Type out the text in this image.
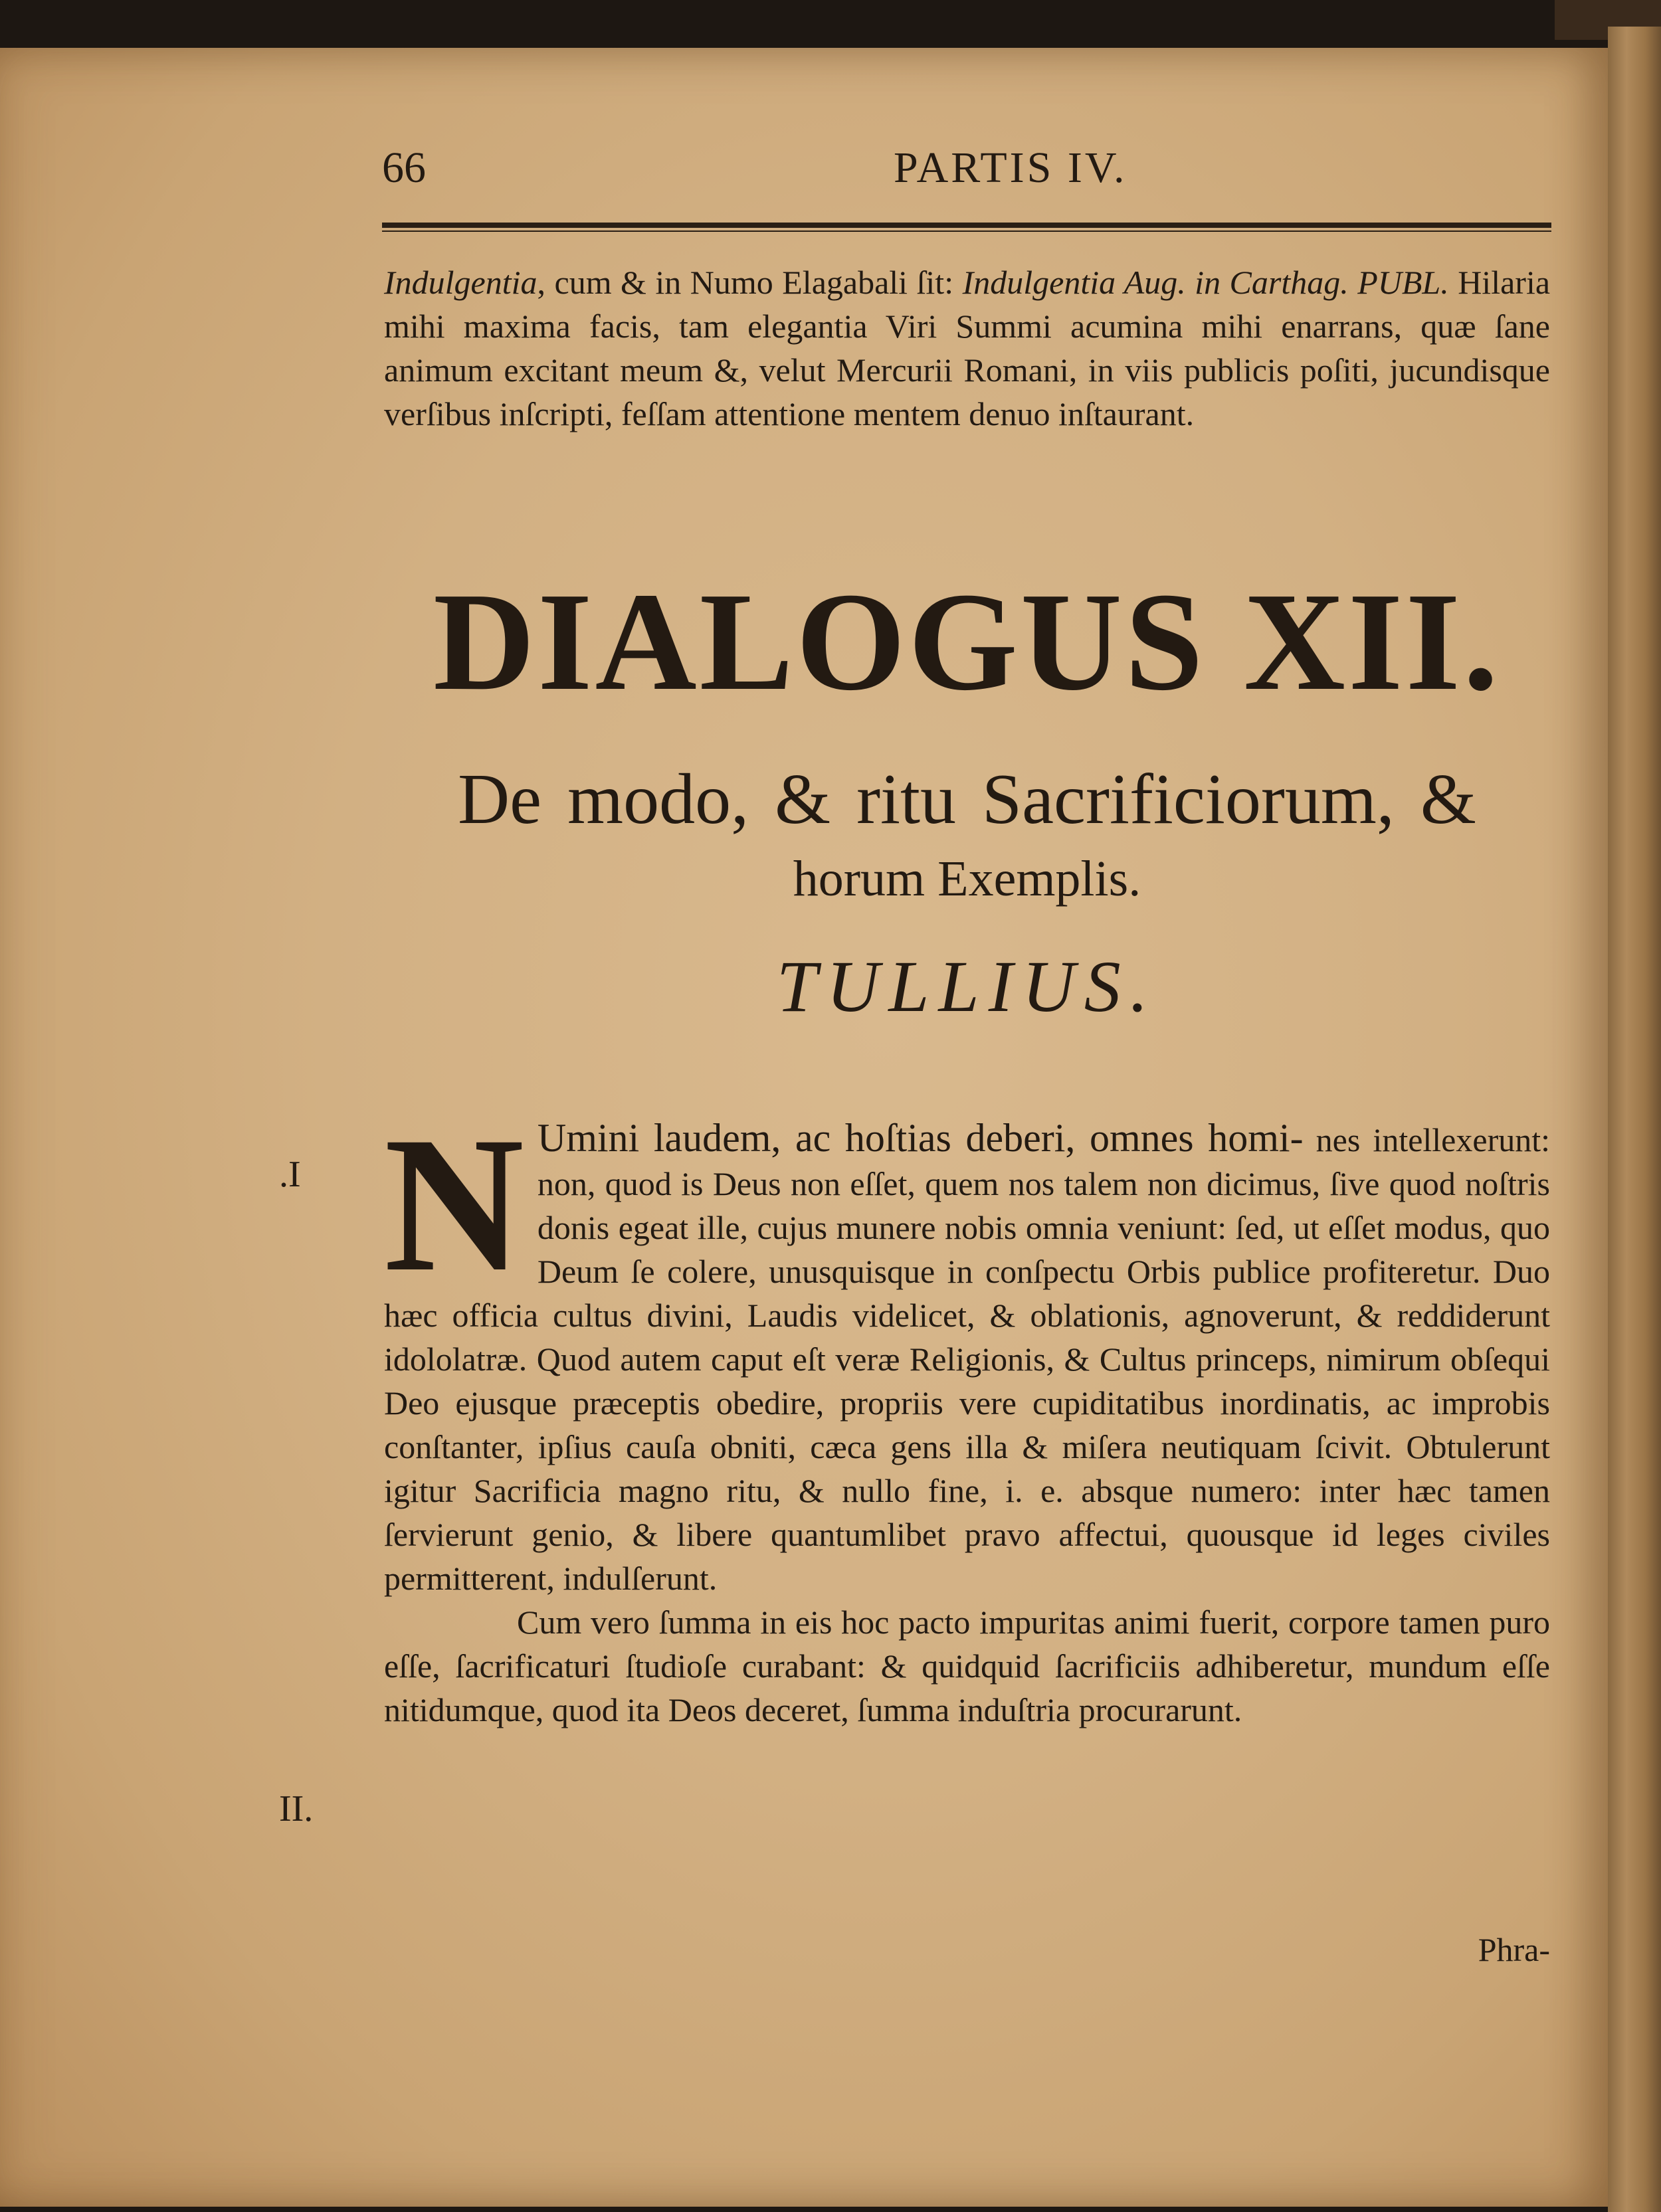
66	PARTIS IV.
Indulgentia, cum & in Numo Elagabali ſit: Indulgentia Aug. in Carthag. PUBL. Hilaria mihi maxima facis, tam elegantia Viri Summi acumina mihi enarrans, quæ ſane animum excitant meum &, velut Mercurii Romani, in viis publicis poſiti, jucundisque verſibus inſcripti, feſſam attentione mentem denuo inſtaurant.
DIALOGUS XII.
De modo, & ritu Sacrificiorum, &
horum Exemplis.
TULLIUS.
.I
II.

N Umini laudem, ac hoſtias deberi, omnes homi- nes intellexerunt: non, quod is Deus non eſſet, quem nos talem non dicimus, ſive quod noſtris donis egeat ille, cujus munere nobis omnia veniunt: ſed, ut eſſet modus, quo Deum ſe colere, unusquisque in conſpectu Orbis publice profiteretur. Duo hæc officia cultus divini, Laudis videlicet, & oblationis, agnoverunt, & reddiderunt idololatræ. Quod autem caput eſt veræ Religionis, & Cultus princeps, nimirum obſequi Deo ejusque præceptis obedire, propriis vere cupiditatibus inordinatis, ac improbis conſtanter, ipſius cauſa obniti, cæca gens illa & miſera neutiquam ſcivit. Obtulerunt igitur Sacrificia magno ritu, & nullo fine, i. e. absque numero: inter hæc tamen ſervierunt genio, & libere quantumlibet pravo affectui, quousque id leges civiles permitterent, indulſerunt.

Cum vero ſumma in eis hoc pacto impuritas animi fuerit, corpore tamen puro eſſe, ſacrificaturi ſtudioſe curabant: & quidquid ſacrificiis adhiberetur, mundum eſſe nitidumque, quod ita Deos deceret, ſumma induſtria procurarunt.

Phra-
